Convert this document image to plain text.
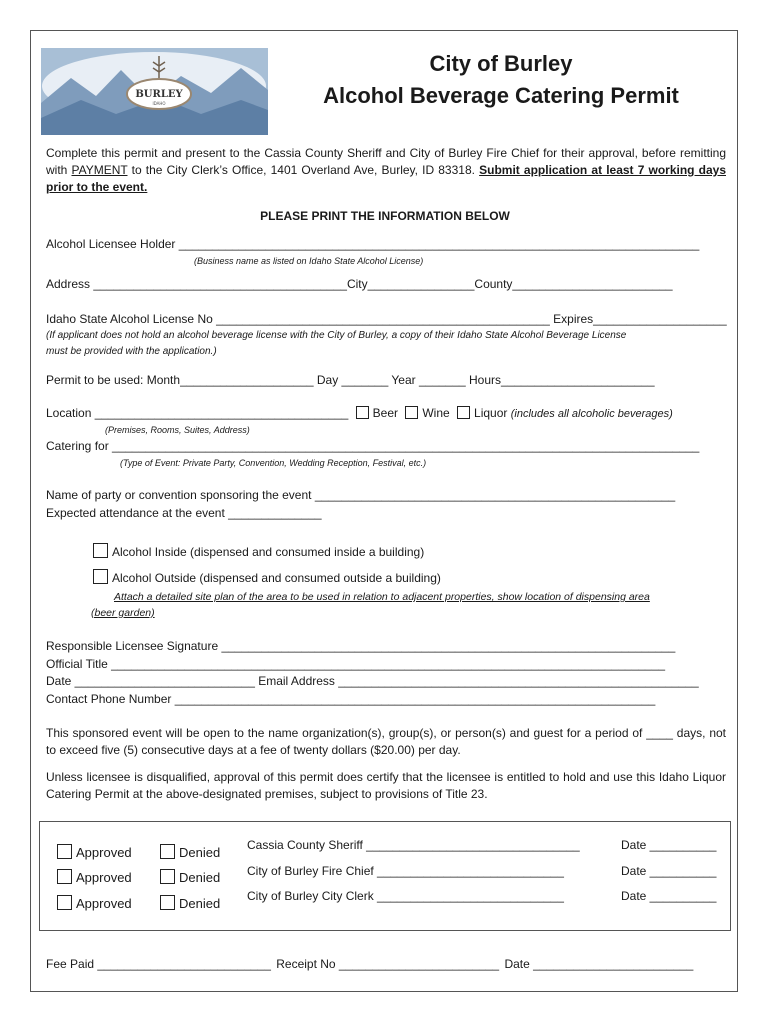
BURLEY
IDAHO
City of Burley
Alcohol Beverage Catering Permit
Complete this permit and present to the Cassia County Sheriff and City of Burley Fire Chief for their approval, before remitting with PAYMENT to the City Clerk’s Office, 1401 Overland Ave, Burley, ID 83318. Submit application at least 7 working days prior to the event.
PLEASE PRINT THE INFORMATION BELOW
Alcohol Licensee Holder ______________________________________________________________________________
(Business name as listed on Idaho State Alcohol License)
Address ______________________________________City________________County________________________
Idaho State Alcohol License No __________________________________________________ Expires____________________
(If applicant does not hold an alcohol beverage license with the City of Burley, a copy of their Idaho State Alcohol Beverage License
must be provided with the application.)
Permit to be used: Month____________________ Day _______ Year _______ Hours_______________________
Location ______________________________________ Beer Wine Liquor (includes all alcoholic beverages)
(Premises, Rooms, Suites, Address)
Catering for ________________________________________________________________________________________
(Type of Event: Private Party, Convention, Wedding Reception, Festival, etc.)
Name of party or convention sponsoring the event ______________________________________________________
Expected attendance at the event ______________
Alcohol Inside (dispensed and consumed inside a building)
Alcohol Outside (dispensed and consumed outside a building)
Attach a detailed site plan of the area to be used in relation to adjacent properties, show location of dispensing area
(beer garden)
Responsible Licensee Signature ____________________________________________________________________
Official Title ___________________________________________________________________________________
Date ___________________________ Email Address ______________________________________________________
Contact Phone Number ________________________________________________________________________
This sponsored event will be open to the name organization(s), group(s), or person(s) and guest for a period of ____ days, not to exceed five (5) consecutive days at a fee of twenty dollars ($20.00) per day.
Unless licensee is disqualified, approval of this permit does certify that the licensee is entitled to hold and use this Idaho Liquor Catering Permit at the above-designated premises, subject to provisions of Title 23.
Approved	Denied Cassia County Sheriff ________________________________	Date __________
Approved	Denied City of Burley Fire Chief ____________________________	Date __________
Approved	Denied City of Burley City Clerk ____________________________	Date __________
Fee Paid __________________________ Receipt No ________________________ Date ________________________
